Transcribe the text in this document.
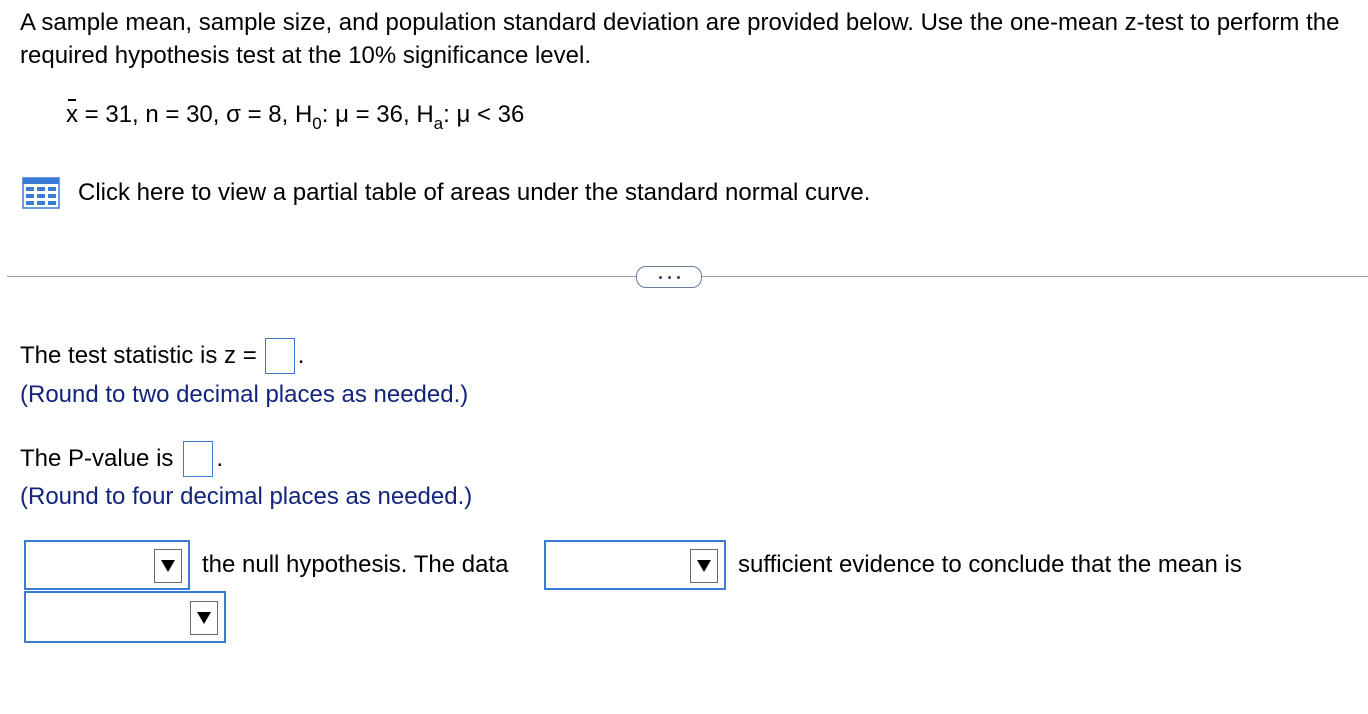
A sample mean, sample size, and population standard deviation are provided below. Use the one-mean z-test to perform the required hypothesis test at the 10% significance level.
x = 31, n = 30, σ = 8, $H_0$: μ = 36, $H_a$: μ < 36
Click here to view a partial table of areas under the standard normal curve.
The test statistic is z = .
(Round to two decimal places as needed.)
The P-value is .
(Round to four decimal places as needed.)
the null hypothesis. The data	sufficient evidence to conclude that the mean is
